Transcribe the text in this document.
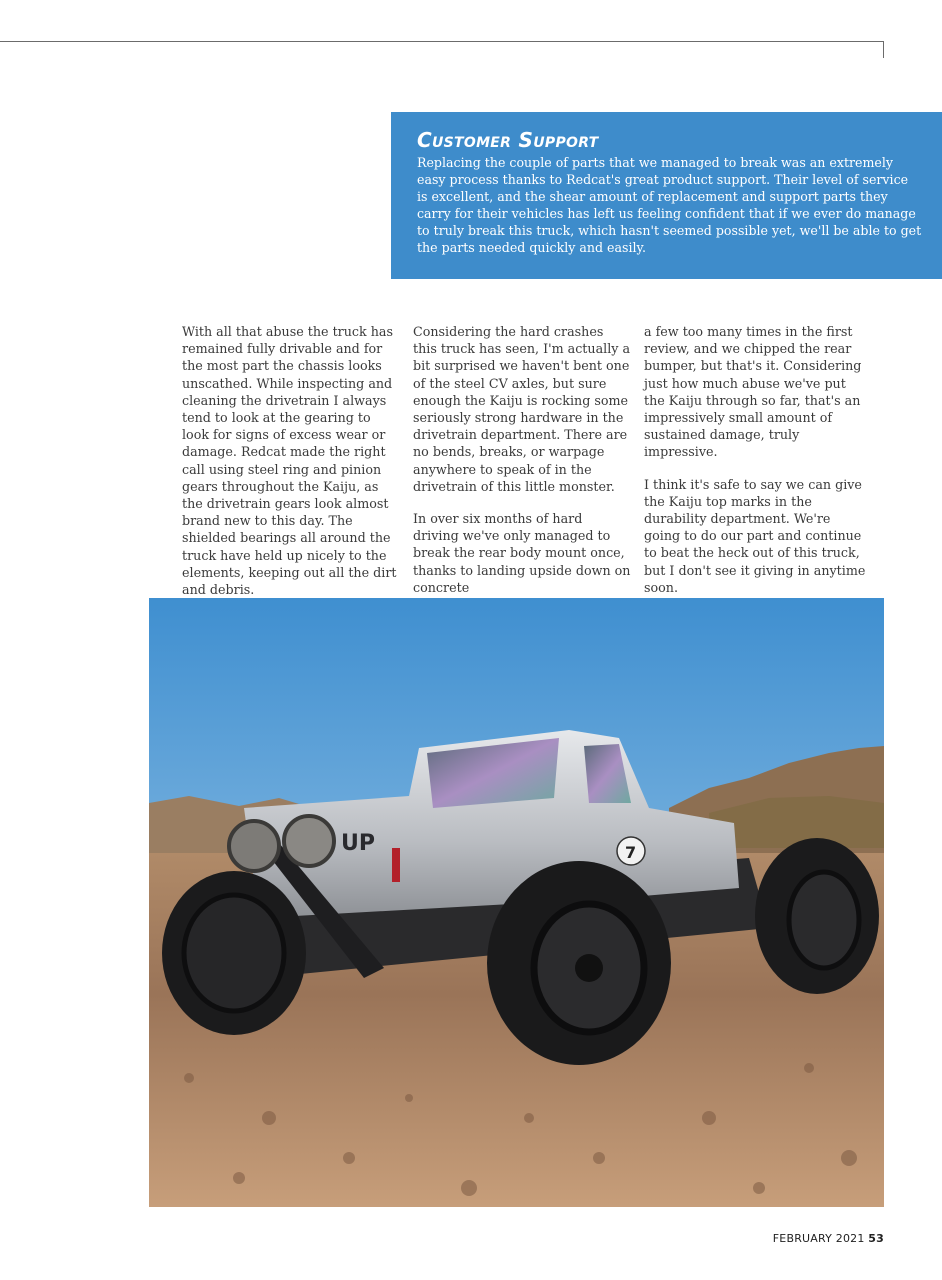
Customer Support

Replacing the couple of parts that we managed to break was an extremely easy process thanks to Redcat's great product support. Their level of service is excellent, and the shear amount of replacement and support parts they carry for their vehicles has left us feeling confident that if we ever do manage to truly break this truck, which hasn't seemed possible yet, we'll be able to get the parts needed quickly and easily.

With all that abuse the truck has remained fully drivable and for the most part the chassis looks unscathed. While inspecting and cleaning the drivetrain I always tend to look at the gearing to look for signs of excess wear or damage. Redcat made the right call using steel ring and pinion gears throughout the Kaiju, as the drivetrain gears look almost brand new to this day. The shielded bearings all around the truck have held up nicely to the elements, keeping out all the dirt and debris.

Considering the hard crashes this truck has seen, I'm actually a bit surprised we haven't bent one of the steel CV axles, but sure enough the Kaiju is rocking some seriously strong hardware in the drivetrain department. There are no bends, breaks, or warpage anywhere to speak of in the drivetrain of this little monster.

In over six months of hard driving we've only managed to break the rear body mount once, thanks to landing upside down on concrete

a few too many times in the first review, and we chipped the rear bumper, but that's it. Considering just how much abuse we've put the Kaiju through so far, that's an impressively small amount of sustained damage, truly impressive.

I think it's safe to say we can give the Kaiju top marks in the durability department. We're going to do our part and continue to beat the heck out of this truck, but I don't see it giving in anytime soon.

UP	7
FEBRUARY 2021 53
